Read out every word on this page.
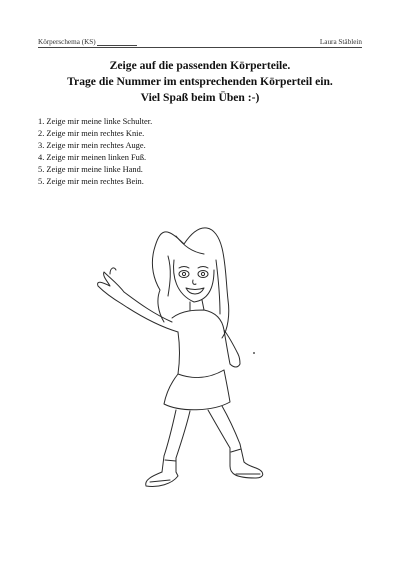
Körperschema (KS)	Laura Stäblein
Zeige auf die passenden Körperteile.
Trage die Nummer im entsprechenden Körperteil ein.
Viel Spaß beim Üben :-)
1. Zeige mir meine linke Schulter.
2. Zeige mir mein rechtes Knie.
3. Zeige mir mein rechtes Auge.
4. Zeige mir meinen linken Fuß.
5. Zeige mir meine linke Hand.
5. Zeige mir mein rechtes Bein.
